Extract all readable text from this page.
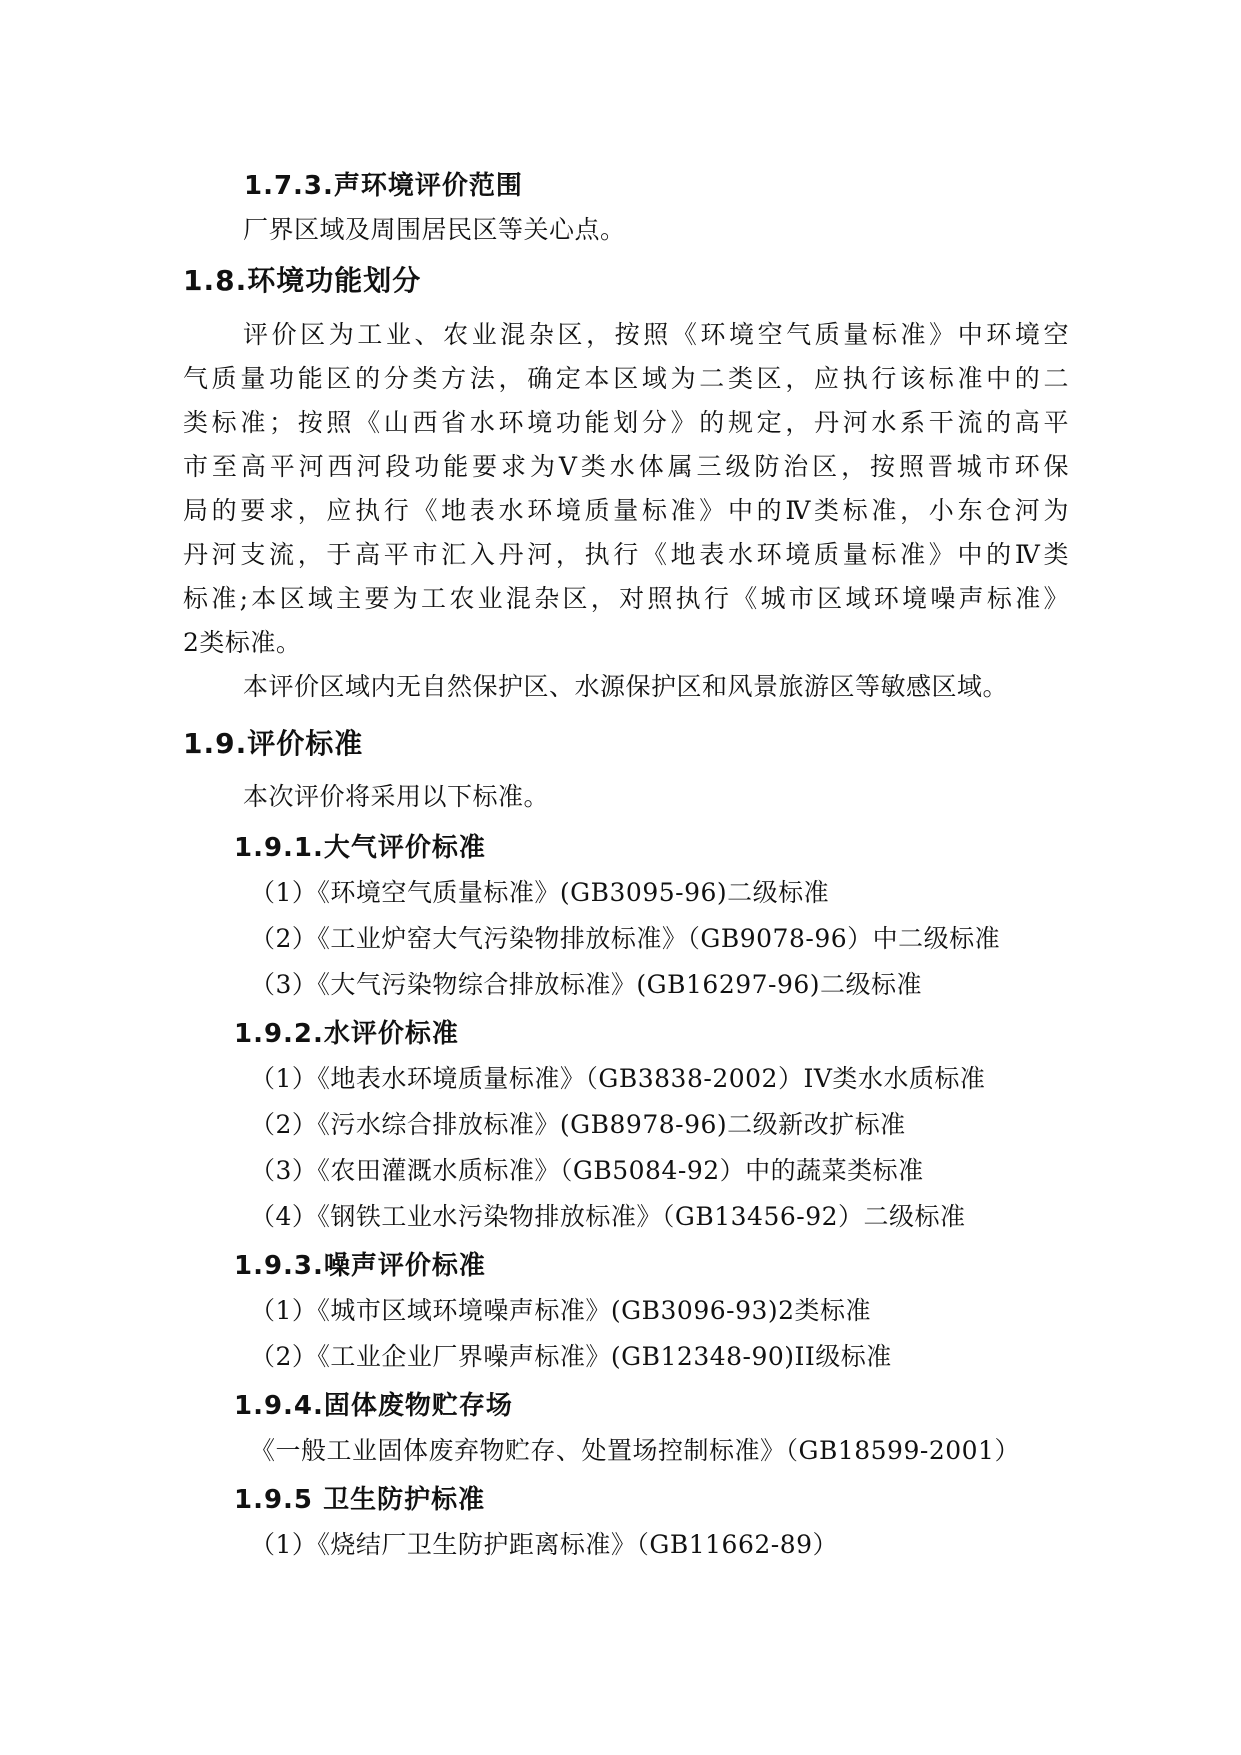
1.7.3.声环境评价范围
厂界区域及周围居民区等关心点。
1.8.环境功能划分
评价区为工业、农业混杂区，按照《环境空气质量标准》中环境空
气质量功能区的分类方法，确定本区域为二类区，应执行该标准中的二
类标准；按照《山西省水环境功能划分》的规定，丹河水系干流的高平
市至高平河西河段功能要求为Ⅴ类水体属三级防治区，按照晋城市环保
局的要求，应执行《地表水环境质量标准》中的Ⅳ类标准，小东仓河为
丹河支流，于高平市汇入丹河，执行《地表水环境质量标准》中的Ⅳ类
标准;本区域主要为工农业混杂区，对照执行《城市区域环境噪声标准》
2类标准。
本评价区域内无自然保护区、水源保护区和风景旅游区等敏感区域。
1.9.评价标准
本次评价将采用以下标准。
1.9.1.大气评价标准
（1）《环境空气质量标准》(GB3095-96)二级标准
（2）《工业炉窑大气污染物排放标准》（GB9078-96）中二级标准
（3）《大气污染物综合排放标准》(GB16297-96)二级标准
1.9.2.水评价标准
（1）《地表水环境质量标准》（GB3838-2002）IV类水水质标准
（2）《污水综合排放标准》(GB8978-96)二级新改扩标准
（3）《农田灌溉水质标准》（GB5084-92）中的蔬菜类标准
（4）《钢铁工业水污染物排放标准》（GB13456-92）二级标准
1.9.3.噪声评价标准
（1）《城市区域环境噪声标准》(GB3096-93)2类标准
（2）《工业企业厂界噪声标准》(GB12348-90)II级标准
1.9.4.固体废物贮存场
《一般工业固体废弃物贮存、处置场控制标准》（GB18599-2001）
1.9.5 卫生防护标准
（1）《烧结厂卫生防护距离标准》（GB11662-89）
